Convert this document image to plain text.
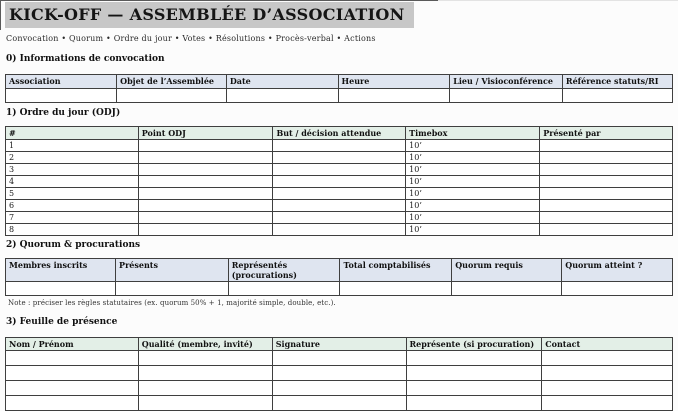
KICK-OFF — ASSEMBLÉE D’ASSOCIATION
Convocation • Quorum • Ordre du jour • Votes • Résolutions • Procès-verbal • Actions
0) Informations de convocation
Association	Objet de l’Assemblée	Date	Heure	Lieu / Visioconférence	Référence statuts/RI

1) Ordre du jour (ODJ)
#	Point ODJ	But / décision attendue	Timebox	Présenté par
1			10’	
2			10’	
3			10’	
4			10’	
5			10’	
6			10’	
7			10’	
8			10’	
2) Quorum & procurations
Membres inscrits	Présents	Représentés (procurations)	Total comptabilisés	Quorum requis	Quorum atteint ?

Note : préciser les règles statutaires (ex. quorum 50% + 1, majorité simple, double, etc.).
3) Feuille de présence
Nom / Prénom	Qualité (membre, invité)	Signature	Représente (si procuration)	Contact
